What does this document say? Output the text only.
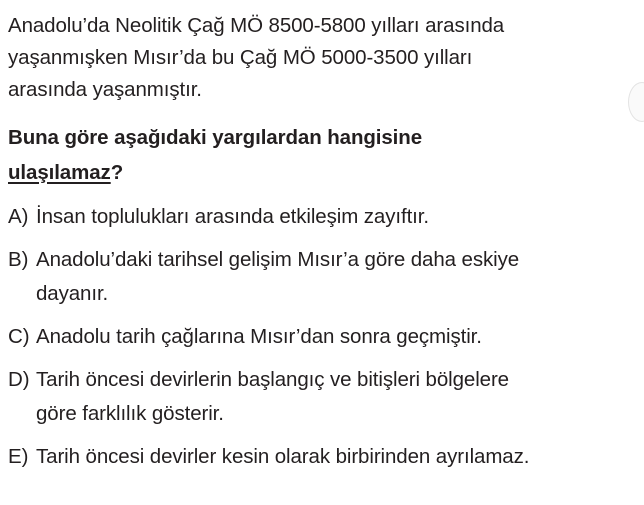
Anadolu’da Neolitik Çağ MÖ 8500-5800 yılları arasında
yaşanmışken Mısır’da bu Çağ MÖ 5000-3500 yılları
arasında yaşanmıştır.

Buna göre aşağıdaki yargılardan hangisine
ulaşılamaz?

A) İnsan toplulukları arasında etkileşim zayıftır.
B) Anadolu’daki tarihsel gelişim Mısır’a göre daha eskiye
dayanır.
C) Anadolu tarih çağlarına Mısır’dan sonra geçmiştir.
D) Tarih öncesi devirlerin başlangıç ve bitişleri bölgelere
göre farklılık gösterir.
E) Tarih öncesi devirler kesin olarak birbirinden ayrılamaz.
